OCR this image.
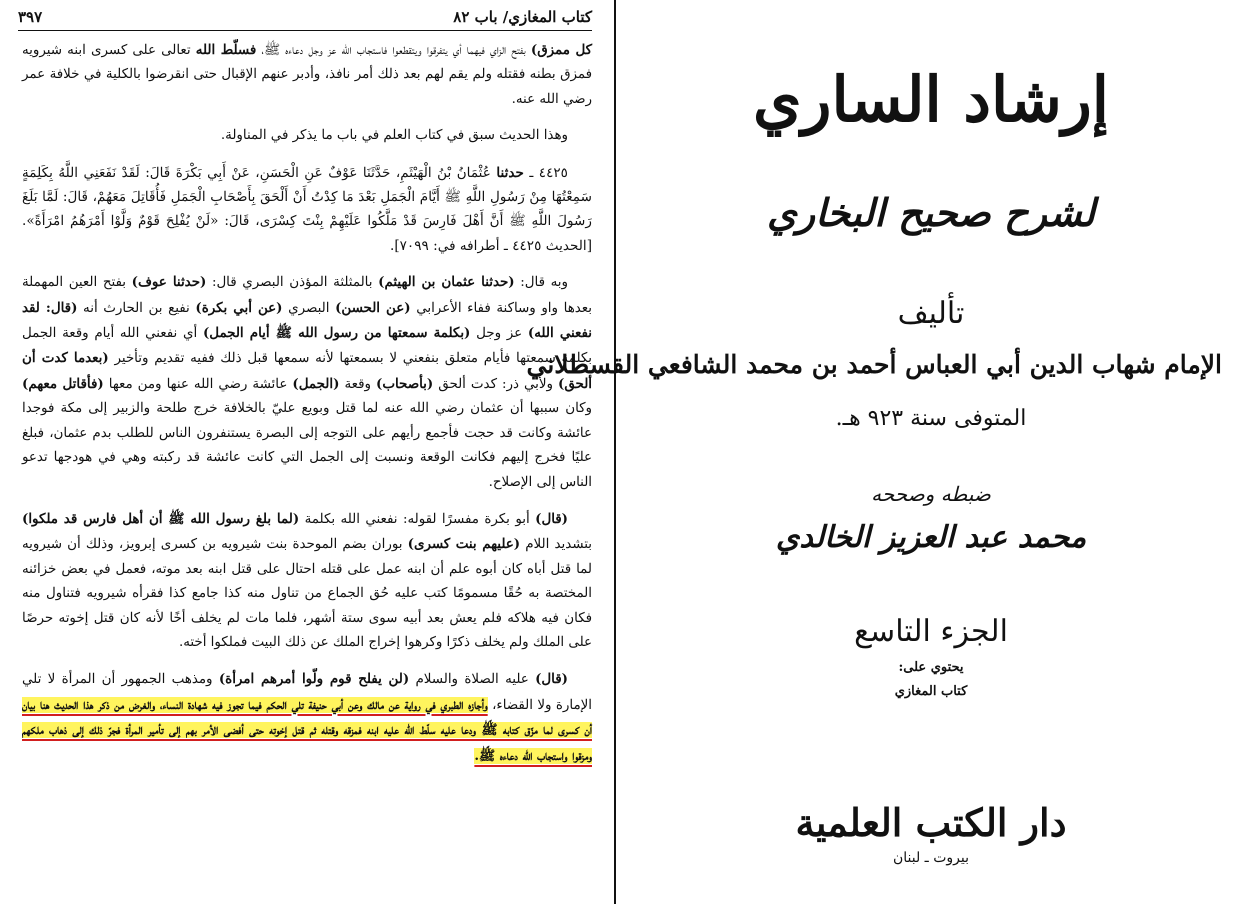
كتاب المغازي/ باب ٨٢
٣٩٧

كل ممزق) بفتح الزاي فيهما أي يتفرقوا ويتقطعوا فاستجاب الله عز وجل دعاءه ﷺ، فسلّط الله تعالى على كسرى ابنه شيرويه فمزق بطنه فقتله ولم يقم لهم بعد ذلك أمر نافذ، وأدبر عنهم الإقبال حتى انقرضوا بالكلية في خلافة عمر رضي الله عنه.

وهذا الحديث سبق في كتاب العلم في باب ما يذكر في المناولة.

٤٤٢٥ ـ حدثنا عُثْمَانُ بْنُ الْهَيْثَمِ، حَدَّثَنَا عَوْفٌ عَنِ الْحَسَنِ، عَنْ أَبِي بَكْرَةَ قَالَ: لَقَدْ نَفَعَنِي اللَّهُ بِكَلِمَةٍ سَمِعْتُهَا مِنْ رَسُولِ اللَّهِ ﷺ أَيَّامَ الْجَمَلِ بَعْدَ مَا كِدْتُ أَنْ أَلْحَقَ بِأَصْحَابِ الْجَمَلِ فَأُقَاتِلَ مَعَهُمْ، قَالَ: لَمَّا بَلَغَ رَسُولَ اللَّهِ ﷺ أَنَّ أَهْلَ فَارِسَ قَدْ مَلَّكُوا عَلَيْهِمْ بِنْتَ كِسْرَى، قَالَ: «لَنْ يُفْلِحَ قَوْمٌ وَلَّوْا أَمْرَهُمُ امْرَأَةً». [الحديث ٤٤٢٥ ـ أطرافه في: ٧٠٩٩].

وبه قال: (حدثنا عثمان بن الهيثم) بالمثلثة المؤذن البصري قال: (حدثنا عوف) بفتح العين المهملة بعدها واو وساكنة ففاء الأعرابي (عن الحسن) البصري (عن أبي بكرة) نفيع بن الحارث أنه (قال: لقد نفعني الله) عز وجل (بكلمة سمعتها من رسول الله ﷺ أيام الجمل) أي نفعني الله أيام وقعة الجمل بكلمة سمعتها فأيام متعلق بنفعني لا بسمعتها لأنه سمعها قبل ذلك ففيه تقديم وتأخير (بعدما كدت أن ألحق) ولأبي ذر: كدت ألحق (بأصحاب) وقعة (الجمل) عائشة رضي الله عنها ومن معها (فأقاتل معهم) وكان سببها أن عثمان رضي الله عنه لما قتل وبويع عليّ بالخلافة خرج طلحة والزبير إلى مكة فوجدا عائشة وكانت قد حجت فأجمع رأيهم على التوجه إلى البصرة يستنفرون الناس للطلب بدم عثمان، فبلغ عليًا فخرج إليهم فكانت الوقعة ونسبت إلى الجمل التي كانت عائشة قد ركبته وهي في هودجها تدعو الناس إلى الإصلاح.

(قال) أبو بكرة مفسرًا لقوله: نفعني الله بكلمة (لما بلغ رسول الله ﷺ أن أهل فارس قد ملكوا) بتشديد اللام (عليهم بنت كسرى) بوران بضم الموحدة بنت شيرويه بن كسرى إبرويز، وذلك أن شيرويه لما قتل أباه كان أبوه علم أن ابنه عمل على قتله احتال على قتل ابنه بعد موته، فعمل في بعض خزائنه المختصة به حُقًا مسمومًا كتب عليه حُق الجماع من تناول منه كذا جامع كذا فقرأه شيرويه فتناول منه فكان فيه هلاكه فلم يعش بعد أبيه سوى ستة أشهر، فلما مات لم يخلف أخًا لأنه كان قتل إخوته حرصًا على الملك ولم يخلف ذكرًا وكرهوا إخراج الملك عن ذلك البيت فملكوا أخته.

(قال) عليه الصلاة والسلام (لن يفلح قوم ولّوا أمرهم امرأة) ومذهب الجمهور أن المرأة لا تلي الإمارة ولا القضاء، وأجازه الطبري في رواية عن مالك وعن أبي حنيفة تلي الحكم فيما تجوز فيه شهادة النساء، والغرض من ذكر هذا الحديث هنا بيان أن كسرى لما مزّق كتابه ﷺ ودعا عليه سلّط الله عليه ابنه فمزقه وقتله ثم قتل إخوته حتى أفضى الأمر بهم إلى تأمير المرأة فجرّ ذلك إلى ذهاب ملكهم ومزقوا واستجاب الله دعاءه ﷺ.

إرشاد الساري
لشرح صحيح البخاري
تأليف
الإمام شهاب الدين أبي العباس أحمد بن محمد الشافعي القسطلاني
المتوفى سنة ٩٢٣ هـ.
ضبطه وصححه
محمد عبد العزيز الخالدي
الجزء التاسع
يحتوي على:
كتاب المغازي
دار الكتب العلمية
بيروت ـ لبنان
